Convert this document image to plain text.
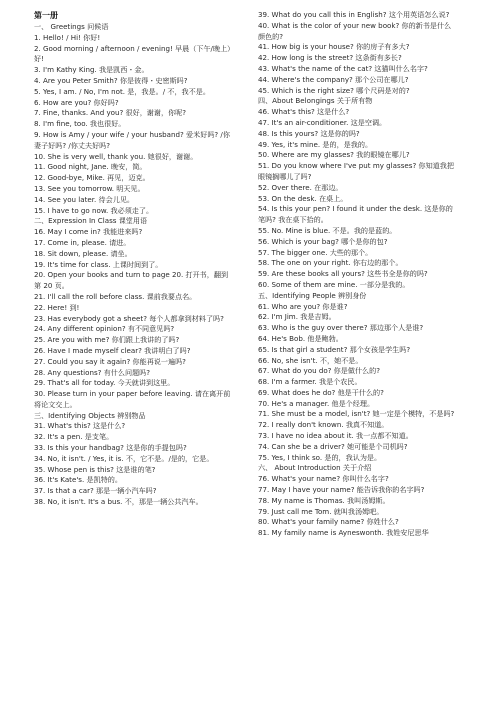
第一册

一、 Greetings 问候语

1. Hello! / Hi! 你好!

2. Good morning / afternoon / evening! 早晨（下午/晚上）好!

3. I'm Kathy King. 我是凯西・金。

4. Are you Peter Smith? 你是彼得・史密斯吗?

5. Yes, I am. / No, I'm not. 是，我是。/ 不，我不是。

6. How are you? 你好吗?

7. Fine, thanks. And you? 很好，谢谢，你呢?

8. I'm fine, too. 我也很好。

9. How is Amy / your wife / your husband? 爱米好吗? /你妻子好吗? /你丈夫好吗?

10. She is very well, thank you. 她很好，谢谢。

11. Good night, Jane. 晚安，简。

12. Good-bye, Mike. 再见，迈克。

13. See you tomorrow. 明天见。

14. See you later. 待会儿见。

15. I have to go now. 我必须走了。

二、Expression In Class 课堂用语

16. May I come in? 我能进来吗?

17. Come in, please. 请进。

18. Sit down, please. 请坐。

19. It's time for class. 上课时间到了。

20. Open your books and turn to page 20. 打开书，翻到第 20 页。

21. I'll call the roll before class. 课前我要点名。

22. Here! 到!

23. Has everybody got a sheet? 每个人都拿到材料了吗?

24. Any different opinion? 有不同意见吗?

25. Are you with me? 你们跟上我讲的了吗?

26. Have I made myself clear? 我讲明白了吗?

27. Could you say it again? 你能再说一遍吗?

28. Any questions? 有什么问题吗?

29. That's all for today. 今天就讲到这里。

30. Please turn in your paper before leaving. 请在离开前将论文交上。

三、Identifying Objects 辨别物品

31. What's this? 这是什么?

32. It's a pen. 是支笔。

33. Is this your handbag? 这是你的手提包吗?

34. No, it isn't. / Yes, it is. 不，它不是。/是的，它是。

35. Whose pen is this? 这是谁的笔?

36. It's Kate's. 是凯特的。

37. Is that a car? 那是一辆小汽车吗?

38. No, it isn't. It's a bus. 不，那是一辆公共汽车。

39. What do you call this in English? 这个用英语怎么说?

40. What is the color of your new book? 你的新书是什么颜色的?

41. How big is your house? 你的房子有多大?

42. How long is the street? 这条街有多长?

43. What's the name of the cat? 这猫叫什么名字?

44. Where's the company? 那个公司在哪儿?

45. Which is the right size? 哪个尺码是对的?

四、About Belongings 关于所有物

46. What's this? 这是什么?

47. It's an air-conditioner. 这是空调。

48. Is this yours? 这是你的吗?

49. Yes, it's mine. 是的，是我的。

50. Where are my glasses? 我的眼镜在哪儿?

51. Do you know where I've put my glasses? 你知道我把眼镜搁哪儿了吗?

52. Over there. 在那边。

53. On the desk. 在桌上。

54. Is this your pen? I found it under the desk. 这是你的笔吗? 我在桌下拾的。

55. No. Mine is blue. 不是。我的是蓝的。

56. Which is your bag? 哪个是你的包?

57. The bigger one. 大些的那个。

58. The one on your right. 你右边的那个。

59. Are these books all yours? 这些书全是你的吗?

60. Some of them are mine. 一部分是我的。

五、Identifying People 辨别身份

61. Who are you? 你是谁?

62. I'm Jim. 我是吉姆。

63. Who is the guy over there? 那边那个人是谁?

64. He's Bob. 他是鲍勃。

65. Is that girl a student? 那个女孩是学生吗?

66. No, she isn't. 不，她不是。

67. What do you do? 你是做什么的?

68. I'm a farmer. 我是个农民。

69. What does he do? 他是干什么的?

70. He's a manager. 他是个经理。

71. She must be a model, isn't? 她一定是个模特，不是吗?

72. I really don't known. 我真不知道。

73. I have no idea about it. 我一点都不知道。

74. Can she be a driver? 她可能是个司机吗?

75. Yes, I think so. 是的，我认为是。

六、 About Introduction 关于介绍

76. What's your name? 你叫什么名字?

77. May I have your name? 能告诉我你的名字吗?

78. My name is Thomas. 我叫汤姆斯。

79. Just call me Tom. 就叫我汤姆吧。

80. What's your family name? 你姓什么?

81. My family name is Ayneswonth. 我姓安尼思华
